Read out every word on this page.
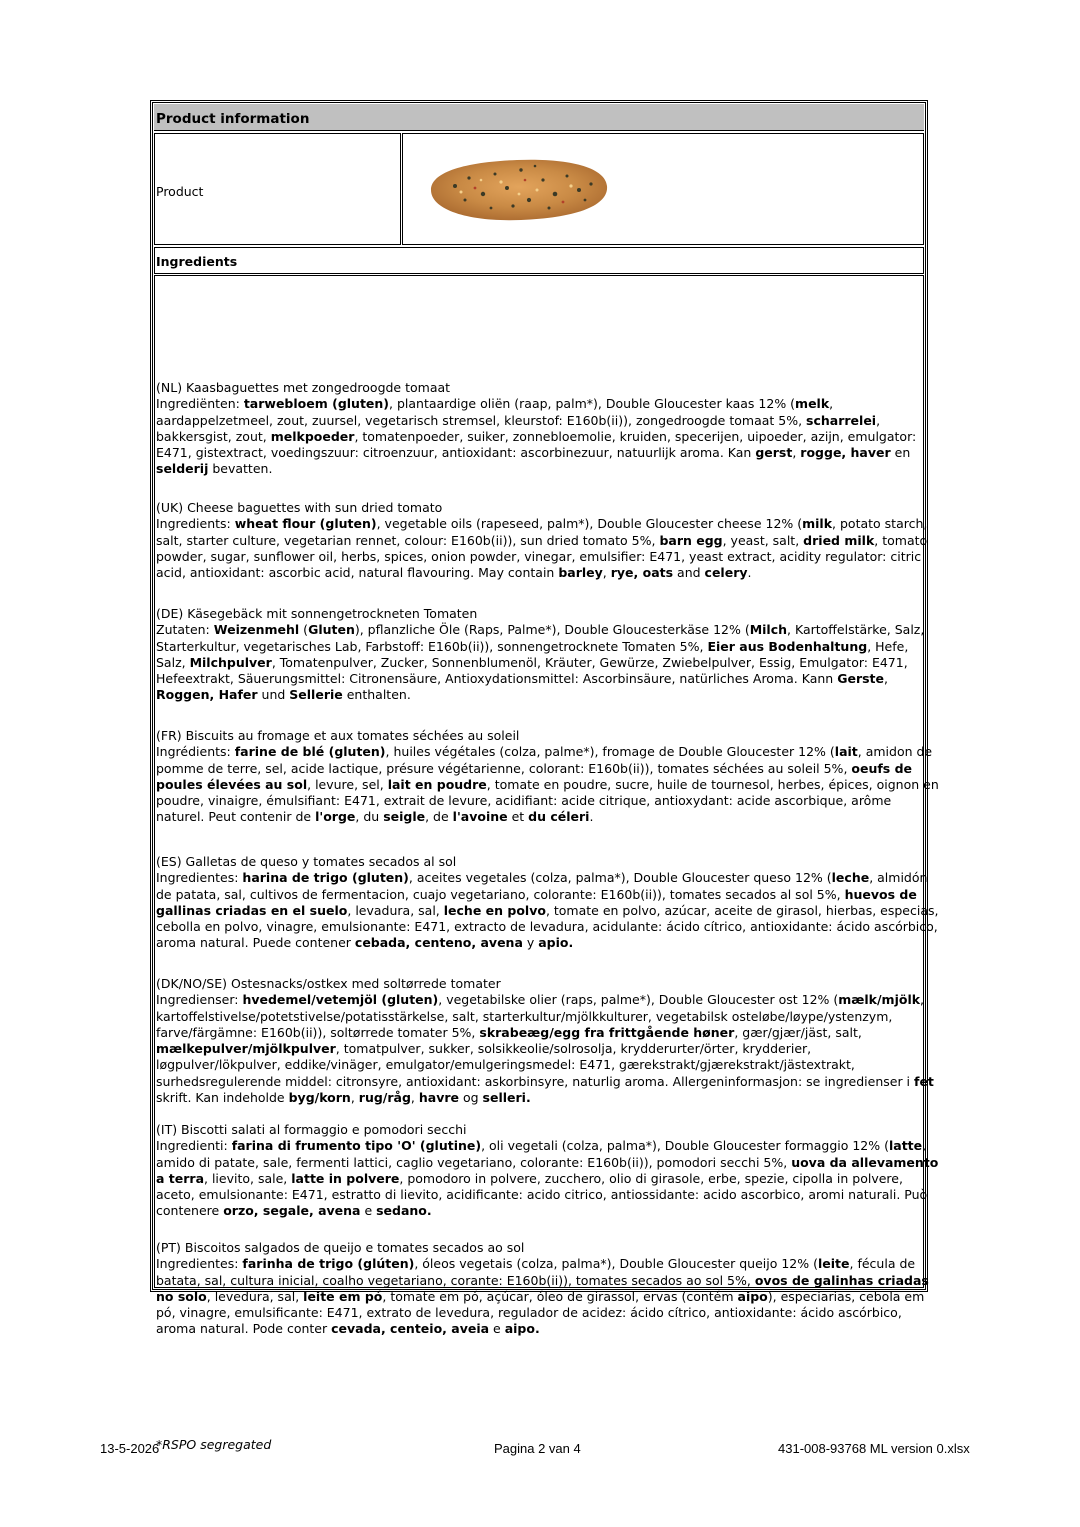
Product information
Product
Ingredients
(NL) Kaasbaguettes met zongedroogde tomaat
Ingrediënten: tarwebloem (gluten), plantaardige oliën (raap, palm*), Double Gloucester kaas 12% (melk,
aardappelzetmeel, zout, zuursel, vegetarisch stremsel, kleurstof: E160b(ii)), zongedroogde tomaat 5%, scharrelei,
bakkersgist, zout, melkpoeder, tomatenpoeder, suiker, zonnebloemolie, kruiden, specerijen, uipoeder, azijn, emulgator:
E471, gistextract, voedingszuur: citroenzuur, antioxidant: ascorbinezuur, natuurlijk aroma. Kan gerst, rogge, haver en
selderij bevatten.
(UK) Cheese baguettes with sun dried tomato
Ingredients: wheat flour (gluten), vegetable oils (rapeseed, palm*), Double Gloucester cheese 12% (milk, potato starch,
salt, starter culture, vegetarian rennet, colour: E160b(ii)), sun dried tomato 5%, barn egg, yeast, salt, dried milk, tomato
powder, sugar, sunflower oil, herbs, spices, onion powder, vinegar, emulsifier: E471, yeast extract, acidity regulator: citric
acid, antioxidant: ascorbic acid, natural flavouring. May contain barley, rye, oats and celery.
(DE) Käsegebäck mit sonnengetrockneten Tomaten
Zutaten: Weizenmehl (Gluten), pflanzliche Öle (Raps, Palme*), Double Gloucesterkäse 12% (Milch, Kartoffelstärke, Salz,
Starterkultur, vegetarisches Lab, Farbstoff: E160b(ii)), sonnengetrocknete Tomaten 5%, Eier aus Bodenhaltung, Hefe,
Salz, Milchpulver, Tomatenpulver, Zucker, Sonnenblumenöl, Kräuter, Gewürze, Zwiebelpulver, Essig, Emulgator: E471,
Hefeextrakt, Säuerungsmittel: Citronensäure, Antioxydationsmittel: Ascorbinsäure, natürliches Aroma. Kann Gerste,
Roggen, Hafer und Sellerie enthalten.
(FR) Biscuits au fromage et aux tomates séchées au soleil
Ingrédients: farine de blé (gluten), huiles végétales (colza, palme*), fromage de Double Gloucester 12% (lait, amidon de
pomme de terre, sel, acide lactique, présure végétarienne, colorant: E160b(ii)), tomates séchées au soleil 5%, oeufs de
poules élevées au sol, levure, sel, lait en poudre, tomate en poudre, sucre, huile de tournesol, herbes, épices, oignon en
poudre, vinaigre, émulsifiant: E471, extrait de levure, acidifiant: acide citrique, antioxydant: acide ascorbique, arôme
naturel. Peut contenir de l'orge, du seigle, de l'avoine et du céleri.
(ES) Galletas de queso y tomates secados al sol
Ingredientes: harina de trigo (gluten), aceites vegetales (colza, palma*), Double Gloucester queso 12% (leche, almidón
de patata, sal, cultivos de fermentacion, cuajo vegetariano, colorante: E160b(ii)), tomates secados al sol 5%, huevos de
gallinas criadas en el suelo, levadura, sal, leche en polvo, tomate en polvo, azúcar, aceite de girasol, hierbas, especias,
cebolla en polvo, vinagre, emulsionante: E471, extracto de levadura, acidulante: ácido cítrico, antioxidante: ácido ascórbico,
aroma natural. Puede contener cebada, centeno, avena y apio.
(DK/NO/SE) Ostesnacks/ostkex med soltørrede tomater
Ingredienser: hvedemel/vetemjöl (gluten), vegetabilske olier (raps, palme*), Double Gloucester ost 12% (mælk/mjölk,
kartoffelstivelse/potetstivelse/potatisstärkelse, salt, starterkultur/mjölkkulturer, vegetabilsk osteløbe/løype/ystenzym,
farve/färgämne: E160b(ii)), soltørrede tomater 5%, skrabeæg/egg fra frittgående høner, gær/gjær/jäst, salt,
mælkepulver/mjölkpulver, tomatpulver, sukker, solsikkeolie/solrosolja, krydderurter/örter, krydderier,
løgpulver/lökpulver, eddike/vinäger, emulgator/emulgeringsmedel: E471, gærekstrakt/gjærekstrakt/jästextrakt,
surhedsregulerende middel: citronsyre, antioxidant: askorbinsyre, naturlig aroma. Allergeninformasjon: se ingredienser i fet
skrift. Kan indeholde byg/korn, rug/råg, havre og selleri.
(IT) Biscotti salati al formaggio e pomodori secchi
Ingredienti: farina di frumento tipo 'O' (glutine), oli vegetali (colza, palma*), Double Gloucester formaggio 12% (latte,
amido di patate, sale, fermenti lattici, caglio vegetariano, colorante: E160b(ii)), pomodori secchi 5%, uova da allevamento
a terra, lievito, sale, latte in polvere, pomodoro in polvere, zucchero, olio di girasole, erbe, spezie, cipolla in polvere,
aceto, emulsionante: E471, estratto di lievito, acidificante: acido citrico, antiossidante: acido ascorbico, aromi naturali. Può
contenere orzo, segale, avena e sedano.
(PT) Biscoitos salgados de queijo e tomates secados ao sol
Ingredientes: farinha de trigo (glúten), óleos vegetais (colza, palma*), Double Gloucester queijo 12% (leite, fécula de
batata, sal, cultura inicial, coalho vegetariano, corante: E160b(ii)), tomates secados ao sol 5%, ovos de galinhas criadas
no solo, levedura, sal, leite em pó, tomate em pó, açúcar, óleo de girassol, ervas (contém aipo), especiarias, cebola em
pó, vinagre, emulsificante: E471, extrato de levedura, regulador de acidez: ácido cítrico, antioxidante: ácido ascórbico,
aroma natural. Pode conter cevada, centeio, aveia e aipo.
*RSPO segregated
13-5-2026	Pagina 2 van 4	431-008-93768 ML version 0.xlsx
